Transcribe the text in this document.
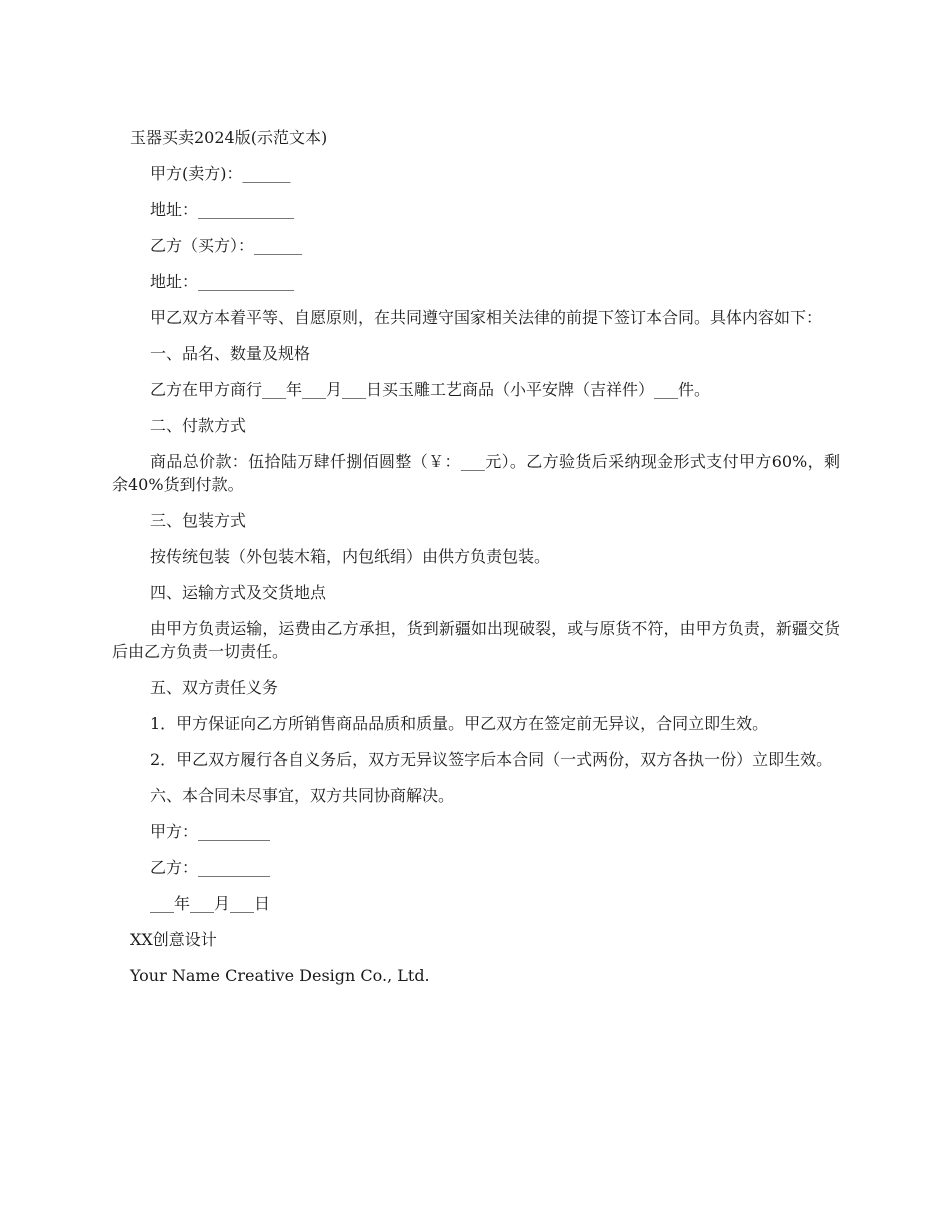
玉器买卖2024版(示范文本)

甲方(卖方)：______

地址：____________

乙方（买方）：______

地址：____________

甲乙双方本着平等、自愿原则，在共同遵守国家相关法律的前提下签订本合同。具体内容如下：

一、品名、数量及规格

乙方在甲方商行___年___月___日买玉雕工艺商品（小平安牌（吉祥件）___件。

二、付款方式

商品总价款：伍拾陆万肆仟捌佰圆整（￥：___元）。乙方验货后采纳现金形式支付甲方60%，剩余40%货到付款。

三、包装方式

按传统包装（外包装木箱，内包纸绢）由供方负责包装。

四、运输方式及交货地点

由甲方负责运输，运费由乙方承担，货到新疆如出现破裂，或与原货不符，由甲方负责，新疆交货后由乙方负责一切责任。

五、双方责任义务

1．甲方保证向乙方所销售商品品质和质量。甲乙双方在签定前无异议，合同立即生效。

2．甲乙双方履行各自义务后，双方无异议签字后本合同（一式两份，双方各执一份）立即生效。

六、本合同未尽事宜，双方共同协商解决。

甲方：_________

乙方：_________

___年___月___日

XX创意设计

Your Name Creative Design Co., Ltd.
